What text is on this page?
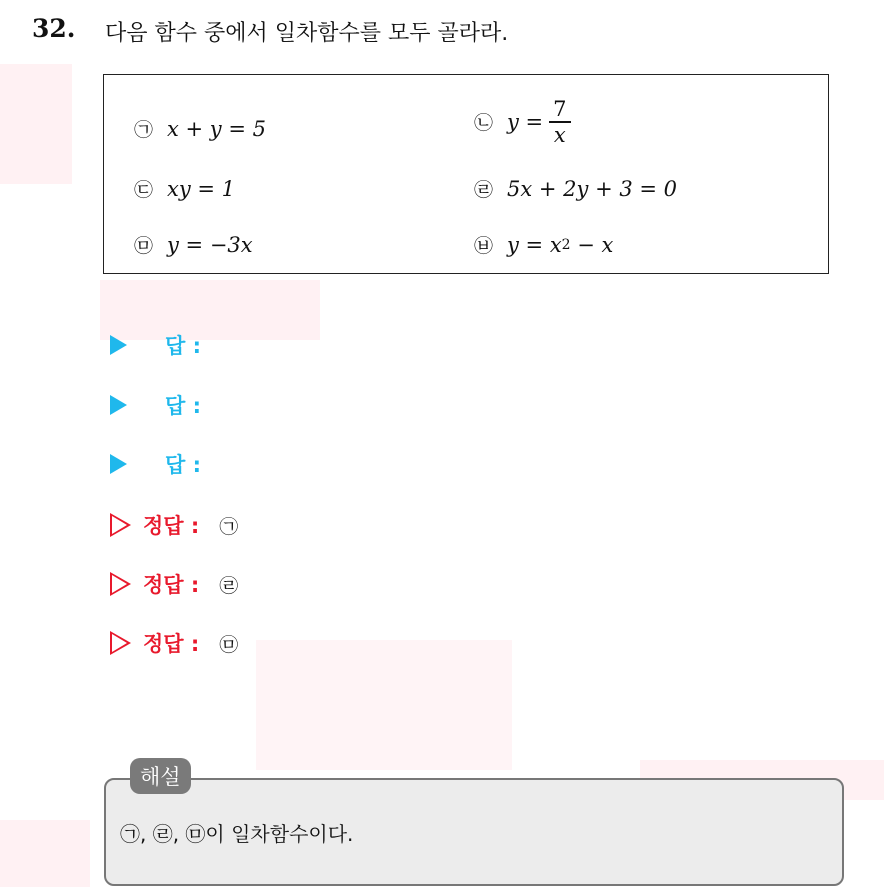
32. 다음 함수 중에서 일차함수를 모두 골라라.
㉠ x + y = 5	㉡ $y = \frac{7}{x}$
㉢ xy = 1	㉣ 5x + 2y + 3 = 0
㉤ y = −3x	㉥ y = x 2 − x
답 :
답 :
답 :
정답 : ㉠
정답 : ㉣
정답 : ㉤
해설
㉠, ㉣, ㉤이 일차함수이다.
